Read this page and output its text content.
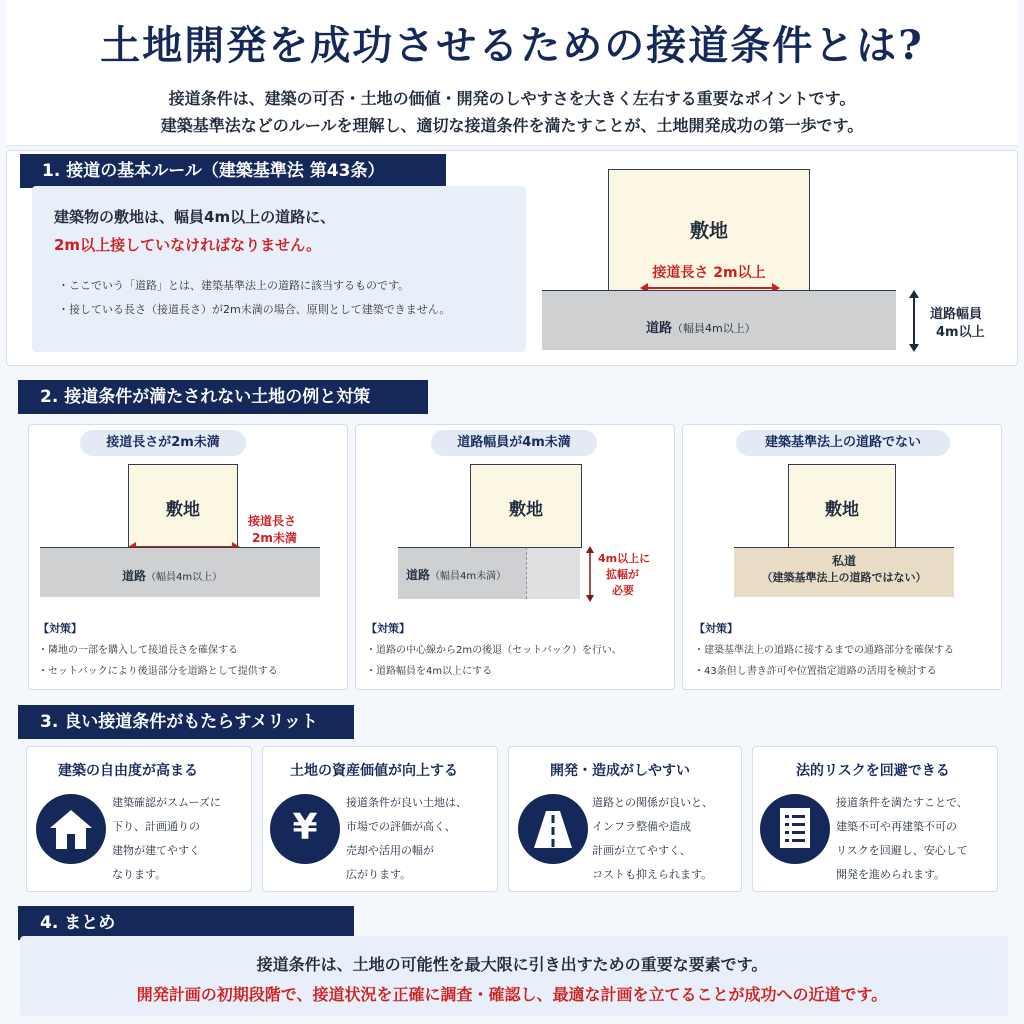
土地開発を成功させるための接道条件とは?
接道条件は、建築の可否・土地の価値・開発のしやすさを大きく左右する重要なポイントです。
建築基準法などのルールを理解し、適切な接道条件を満たすことが、土地開発成功の第一歩です。
1. 接道の基本ルール（建築基準法 第43条）
建築物の敷地は、幅員4m以上の道路に、
2m以上接していなければなりません。
・ここでいう「道路」とは、建築基準法上の道路に該当するものです。
・接している長さ（接道長さ）が2m未満の場合、原則として建築できません。
敷地
接道長さ 2m以上
道路（幅員4m以上）
道路幅員
4m以上
2. 接道条件が満たされない土地の例と対策
接道長さが2m未満
敷地
接道長さ
2m未満
道路（幅員4m以上）
【対策】
・隣地の一部を購入して接道長さを確保する
・セットバックにより後退部分を道路として提供する
道路幅員が4m未満
敷地
道路（幅員4m未満）
4m以上に
拡幅が
必要
【対策】
・道路の中心線から2mの後退（セットバック）を行い、
・道路幅員を4m以上にする
建築基準法上の道路でない
敷地
私道
（建築基準法上の道路ではない）
【対策】
・建築基準法上の道路に接するまでの通路部分を確保する
・43条但し書き許可や位置指定道路の活用を検討する
3. 良い接道条件がもたらすメリット
建築の自由度が高まる
建築確認がスムーズに
下り、計画通りの
建物が建てやすく
なります。
土地の資産価値が向上する
¥
接道条件が良い土地は、
市場での評価が高く、
売却や活用の幅が
広がります。
開発・造成がしやすい
道路との関係が良いと、
インフラ整備や造成
計画が立てやすく、
コストも抑えられます。
法的リスクを回避できる
接道条件を満たすことで、
建築不可や再建築不可の
リスクを回避し、安心して
開発を進められます。
4. まとめ
接道条件は、土地の可能性を最大限に引き出すための重要な要素です。
開発計画の初期段階で、接道状況を正確に調査・確認し、最適な計画を立てることが成功への近道です。
